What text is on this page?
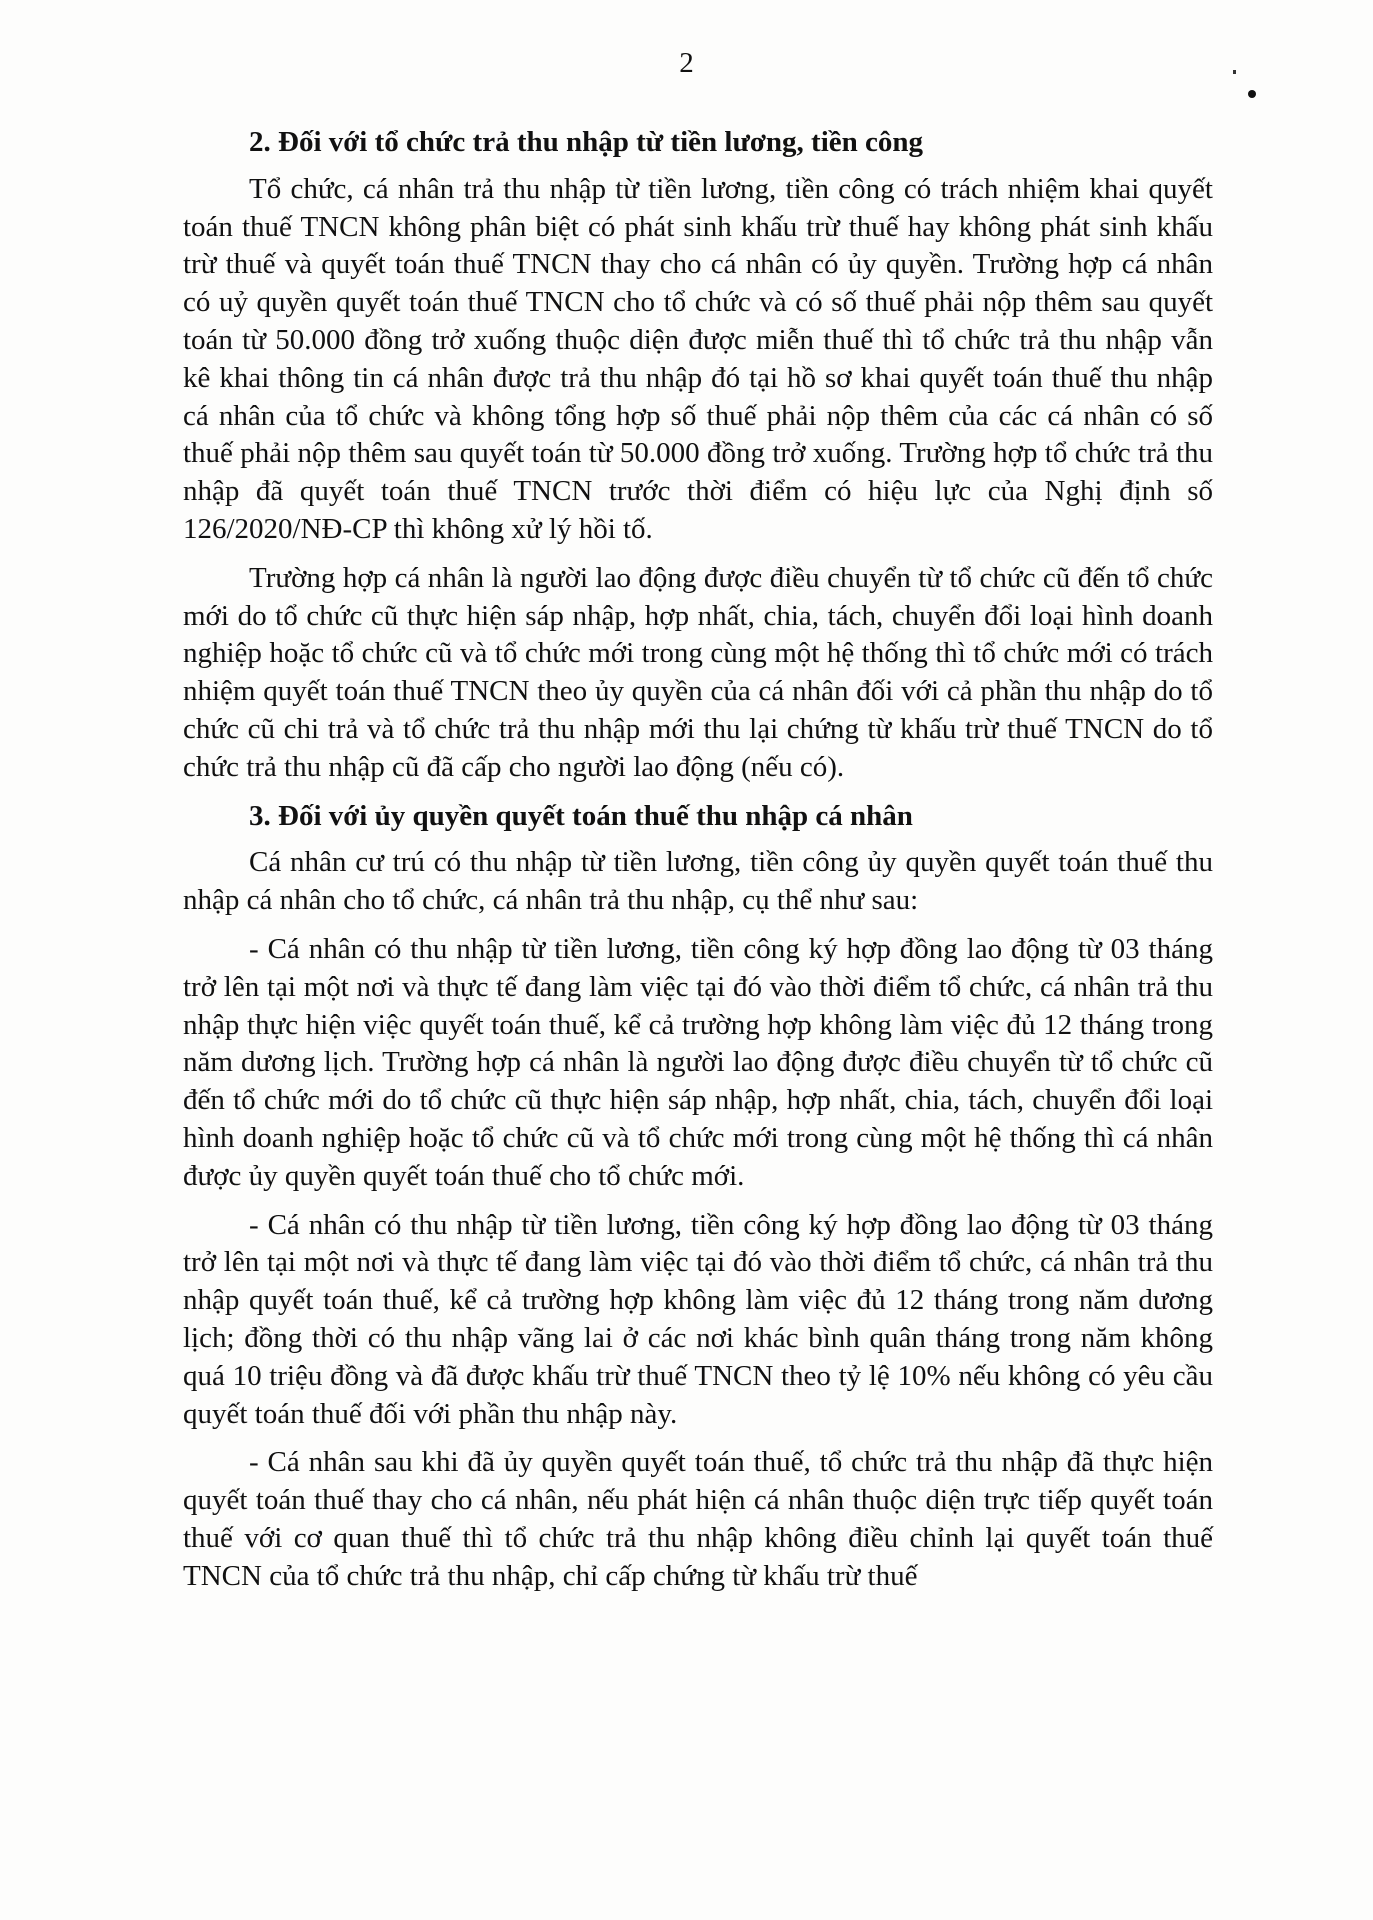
2
2. Đối với tổ chức trả thu nhập từ tiền lương, tiền công

Tổ chức, cá nhân trả thu nhập từ tiền lương, tiền công có trách nhiệm khai quyết toán thuế TNCN không phân biệt có phát sinh khấu trừ thuế hay không phát sinh khấu trừ thuế và quyết toán thuế TNCN thay cho cá nhân có ủy quyền. Trường hợp cá nhân có uỷ quyền quyết toán thuế TNCN cho tổ chức và có số thuế phải nộp thêm sau quyết toán từ 50.000 đồng trở xuống thuộc diện được miễn thuế thì tổ chức trả thu nhập vẫn kê khai thông tin cá nhân được trả thu nhập đó tại hồ sơ khai quyết toán thuế thu nhập cá nhân của tổ chức và không tổng hợp số thuế phải nộp thêm của các cá nhân có số thuế phải nộp thêm sau quyết toán từ 50.000 đồng trở xuống. Trường hợp tổ chức trả thu nhập đã quyết toán thuế TNCN trước thời điểm có hiệu lực của Nghị định số 126/2020/NĐ-CP thì không xử lý hồi tố.

Trường hợp cá nhân là người lao động được điều chuyển từ tổ chức cũ đến tổ chức mới do tổ chức cũ thực hiện sáp nhập, hợp nhất, chia, tách, chuyển đổi loại hình doanh nghiệp hoặc tổ chức cũ và tổ chức mới trong cùng một hệ thống thì tổ chức mới có trách nhiệm quyết toán thuế TNCN theo ủy quyền của cá nhân đối với cả phần thu nhập do tổ chức cũ chi trả và tổ chức trả thu nhập mới thu lại chứng từ khấu trừ thuế TNCN do tổ chức trả thu nhập cũ đã cấp cho người lao động (nếu có).

3. Đối với ủy quyền quyết toán thuế thu nhập cá nhân

Cá nhân cư trú có thu nhập từ tiền lương, tiền công ủy quyền quyết toán thuế thu nhập cá nhân cho tổ chức, cá nhân trả thu nhập, cụ thể như sau:

- Cá nhân có thu nhập từ tiền lương, tiền công ký hợp đồng lao động từ 03 tháng trở lên tại một nơi và thực tế đang làm việc tại đó vào thời điểm tổ chức, cá nhân trả thu nhập thực hiện việc quyết toán thuế, kể cả trường hợp không làm việc đủ 12 tháng trong năm dương lịch. Trường hợp cá nhân là người lao động được điều chuyển từ tổ chức cũ đến tổ chức mới do tổ chức cũ thực hiện sáp nhập, hợp nhất, chia, tách, chuyển đổi loại hình doanh nghiệp hoặc tổ chức cũ và tổ chức mới trong cùng một hệ thống thì cá nhân được ủy quyền quyết toán thuế cho tổ chức mới.

- Cá nhân có thu nhập từ tiền lương, tiền công ký hợp đồng lao động từ 03 tháng trở lên tại một nơi và thực tế đang làm việc tại đó vào thời điểm tổ chức, cá nhân trả thu nhập quyết toán thuế, kể cả trường hợp không làm việc đủ 12 tháng trong năm dương lịch; đồng thời có thu nhập vãng lai ở các nơi khác bình quân tháng trong năm không quá 10 triệu đồng và đã được khấu trừ thuế TNCN theo tỷ lệ 10% nếu không có yêu cầu quyết toán thuế đối với phần thu nhập này.

- Cá nhân sau khi đã ủy quyền quyết toán thuế, tổ chức trả thu nhập đã thực hiện quyết toán thuế thay cho cá nhân, nếu phát hiện cá nhân thuộc diện trực tiếp quyết toán thuế với cơ quan thuế thì tổ chức trả thu nhập không điều chỉnh lại quyết toán thuế TNCN của tổ chức trả thu nhập, chỉ cấp chứng từ khấu trừ thuế
